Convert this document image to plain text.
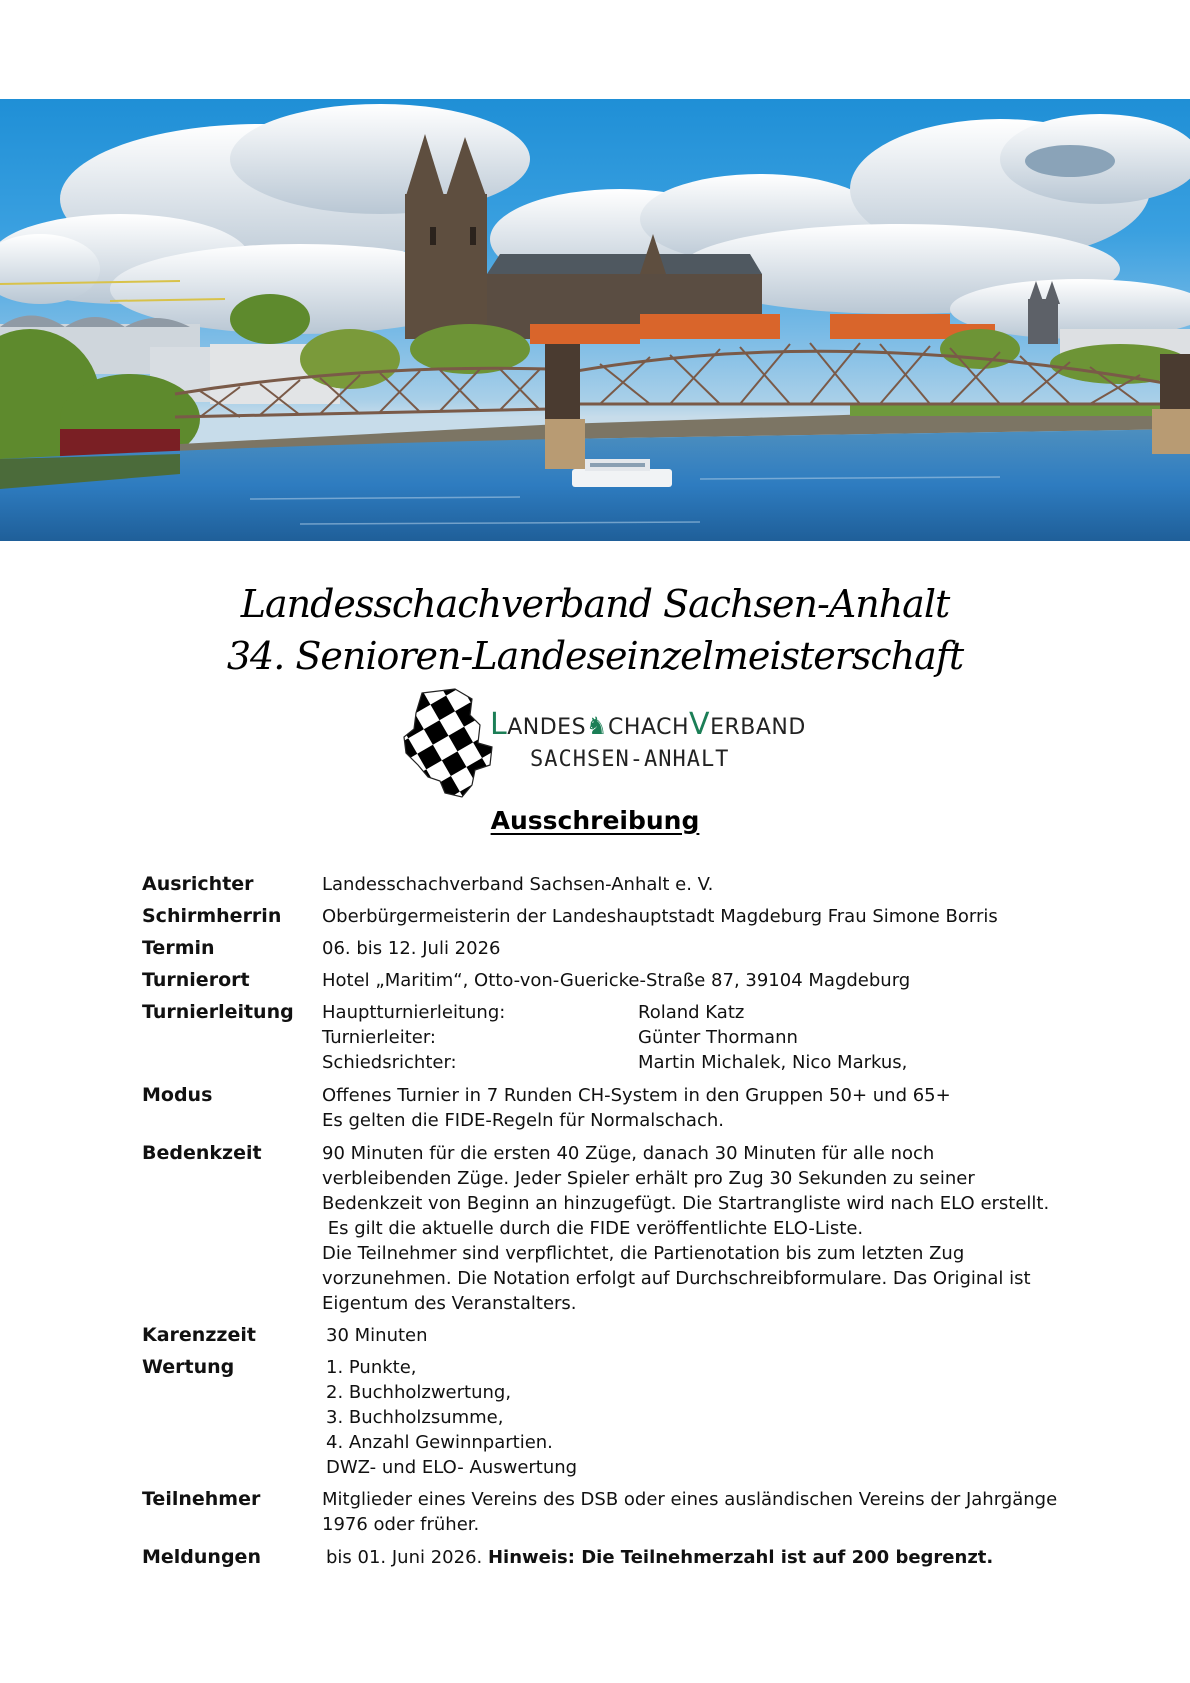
Landesschachverband Sachsen-Anhalt
34. Senioren-Landeseinzelmeisterschaft
LANDES♞CHACHVERBAND
SACHSEN-ANHALT
Ausschreibung
Ausrichter	Landesschachverband Sachsen-Anhalt e. V.
Schirmherrin	Oberbürgermeisterin der Landeshauptstadt Magdeburg Frau Simone Borris
Termin	06. bis 12. Juli 2026
Turnierort	Hotel „Maritim“, Otto-von-Guericke-Straße 87, 39104 Magdeburg
Turnierleitung	Hauptturnierleitung:	Roland Katz
Turnierleiter:	Günter Thormann
Schiedsrichter:	Martin Michalek, Nico Markus,
Modus	Offenes Turnier in 7 Runden CH-System in den Gruppen 50+ und 65+
Es gelten die FIDE-Regeln für Normalschach.
Bedenkzeit	90 Minuten für die ersten 40 Züge, danach 30 Minuten für alle noch
verbleibenden Züge. Jeder Spieler erhält pro Zug 30 Sekunden zu seiner
Bedenkzeit von Beginn an hinzugefügt. Die Startrangliste wird nach ELO erstellt.
Es gilt die aktuelle durch die FIDE veröffentlichte ELO-Liste.
Die Teilnehmer sind verpflichtet, die Partienotation bis zum letzten Zug
vorzunehmen. Die Notation erfolgt auf Durchschreibformulare. Das Original ist
Eigentum des Veranstalters.
Karenzzeit	30 Minuten
Wertung	1. Punkte,
2. Buchholzwertung,
3. Buchholzsumme,
4. Anzahl Gewinnpartien.
DWZ- und ELO- Auswertung
Teilnehmer	Mitglieder eines Vereins des DSB oder eines ausländischen Vereins der Jahrgänge
1976 oder früher.
Meldungen	bis 01. Juni 2026. Hinweis: Die Teilnehmerzahl ist auf 200 begrenzt.
